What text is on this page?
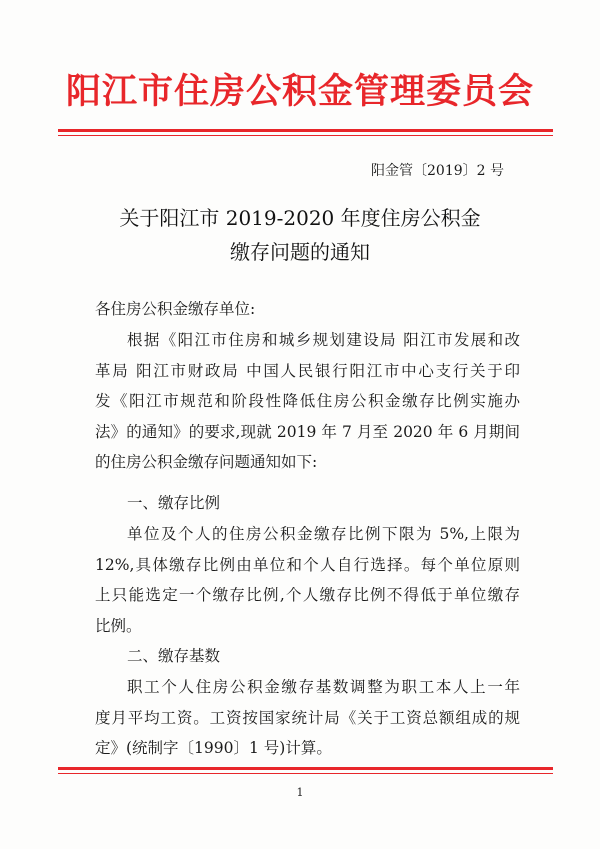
阳江市住房公积金管理委员会
阳金管〔2019〕2 号
关于阳江市 2019-2020 年度住房公积金
缴存问题的通知
各住房公积金缴存单位:
根据《阳江市住房和城乡规划建设局 阳江市发展和改
革局 阳江市财政局 中国人民银行阳江市中心支行关于印
发《阳江市规范和阶段性降低住房公积金缴存比例实施办
法》的通知》的要求,现就 2019 年 7 月至 2020 年 6 月期间
的住房公积金缴存问题通知如下:
一、缴存比例
单位及个人的住房公积金缴存比例下限为 5%,上限为
12%,具体缴存比例由单位和个人自行选择。每个单位原则
上只能选定一个缴存比例,个人缴存比例不得低于单位缴存
比例。
二、缴存基数
职工个人住房公积金缴存基数调整为职工本人上一年
度月平均工资。工资按国家统计局《关于工资总额组成的规
定》(统制字〔1990〕1 号)计算。
1
